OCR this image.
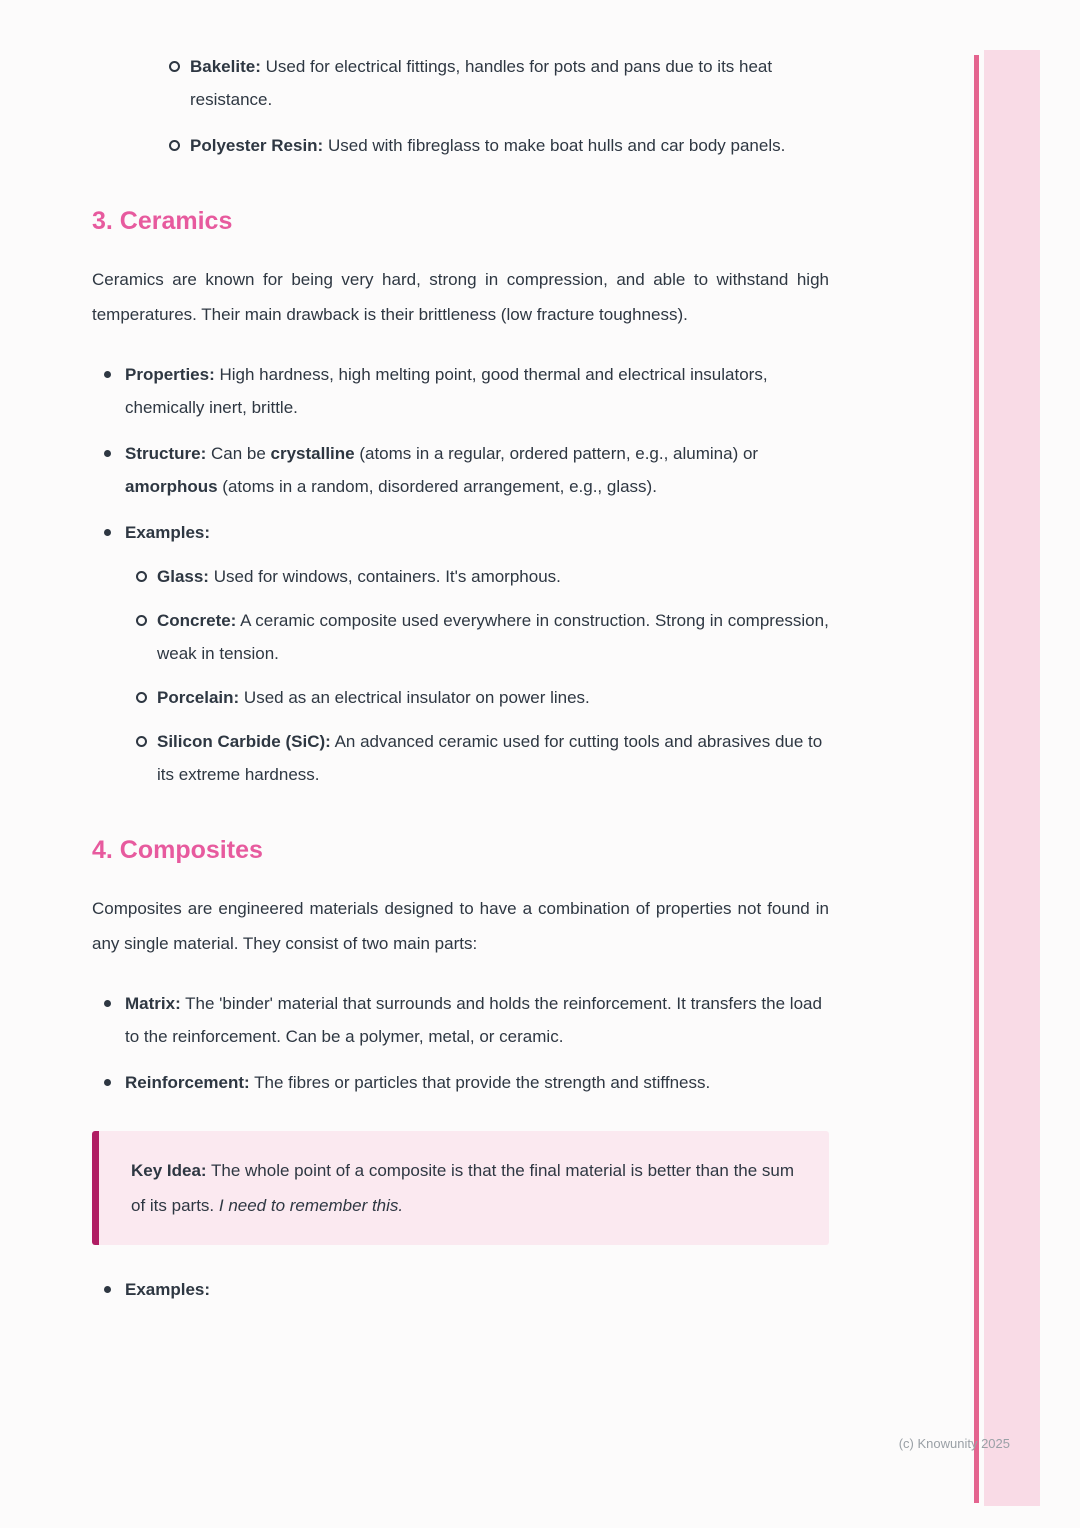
Bakelite: Used for electrical fittings, handles for pots and pans due to its heat resistance.
Polyester Resin: Used with fibreglass to make boat hulls and car body panels.
3. Ceramics

Ceramics are known for being very hard, strong in compression, and able to withstand high temperatures. Their main drawback is their brittleness (low fracture toughness).

Properties: High hardness, high melting point, good thermal and electrical insulators, chemically inert, brittle.
Structure: Can be crystalline (atoms in a regular, ordered pattern, e.g., alumina) or amorphous (atoms in a random, disordered arrangement, e.g., glass).
Examples:
Glass: Used for windows, containers. It's amorphous.
Concrete: A ceramic composite used everywhere in construction. Strong in compression, weak in tension.
Porcelain: Used as an electrical insulator on power lines.
Silicon Carbide (SiC): An advanced ceramic used for cutting tools and abrasives due to its extreme hardness.
4. Composites

Composites are engineered materials designed to have a combination of properties not found in any single material. They consist of two main parts:

Matrix: The 'binder' material that surrounds and holds the reinforcement. It transfers the load to the reinforcement. Can be a polymer, metal, or ceramic.
Reinforcement: The fibres or particles that provide the strength and stiffness.

Key Idea: The whole point of a composite is that the final material is better than the sum of its parts. I need to remember this.

Examples:
(c) Knowunity 2025
